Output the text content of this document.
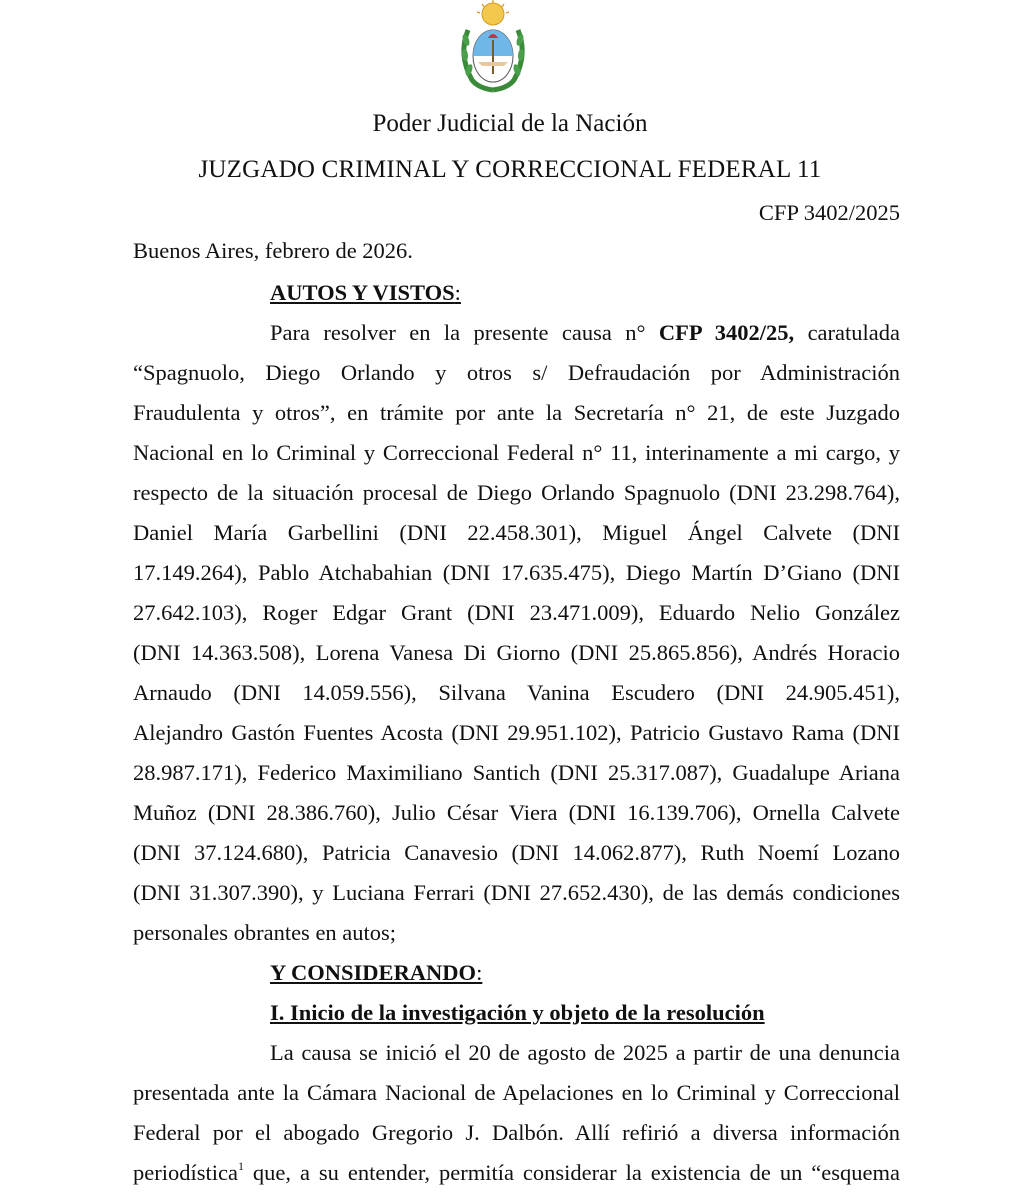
Poder Judicial de la Nación
JUZGADO CRIMINAL Y CORRECCIONAL FEDERAL 11
CFP 3402/2025
Buenos Aires, febrero de 2026.
AUTOS Y VISTOS:
Para resolver en la presente causa n° CFP 3402/25, caratulada
“Spagnuolo, Diego Orlando y otros s/ Defraudación por Administración
Fraudulenta y otros”, en trámite por ante la Secretaría n° 21, de este Juzgado
Nacional en lo Criminal y Correccional Federal n° 11, interinamente a mi cargo, y
respecto de la situación procesal de Diego Orlando Spagnuolo (DNI 23.298.764),
Daniel María Garbellini (DNI 22.458.301), Miguel Ángel Calvete (DNI
17.149.264), Pablo Atchabahian (DNI 17.635.475), Diego Martín D’Giano (DNI
27.642.103), Roger Edgar Grant (DNI 23.471.009), Eduardo Nelio González
(DNI 14.363.508), Lorena Vanesa Di Giorno (DNI 25.865.856), Andrés Horacio
Arnaudo (DNI 14.059.556), Silvana Vanina Escudero (DNI 24.905.451),
Alejandro Gastón Fuentes Acosta (DNI 29.951.102), Patricio Gustavo Rama (DNI
28.987.171), Federico Maximiliano Santich (DNI 25.317.087), Guadalupe Ariana
Muñoz (DNI 28.386.760), Julio César Viera (DNI 16.139.706), Ornella Calvete
(DNI 37.124.680), Patricia Canavesio (DNI 14.062.877), Ruth Noemí Lozano
(DNI 31.307.390), y Luciana Ferrari (DNI 27.652.430), de las demás condiciones
personales obrantes en autos;
Y CONSIDERANDO:
I. Inicio de la investigación y objeto de la resolución
La causa se inició el 20 de agosto de 2025 a partir de una denuncia
presentada ante la Cámara Nacional de Apelaciones en lo Criminal y Correccional
Federal por el abogado Gregorio J. Dalbón. Allí refirió a diversa información
periodística$^1$ que, a su entender, permitía considerar la existencia de un “esquema
